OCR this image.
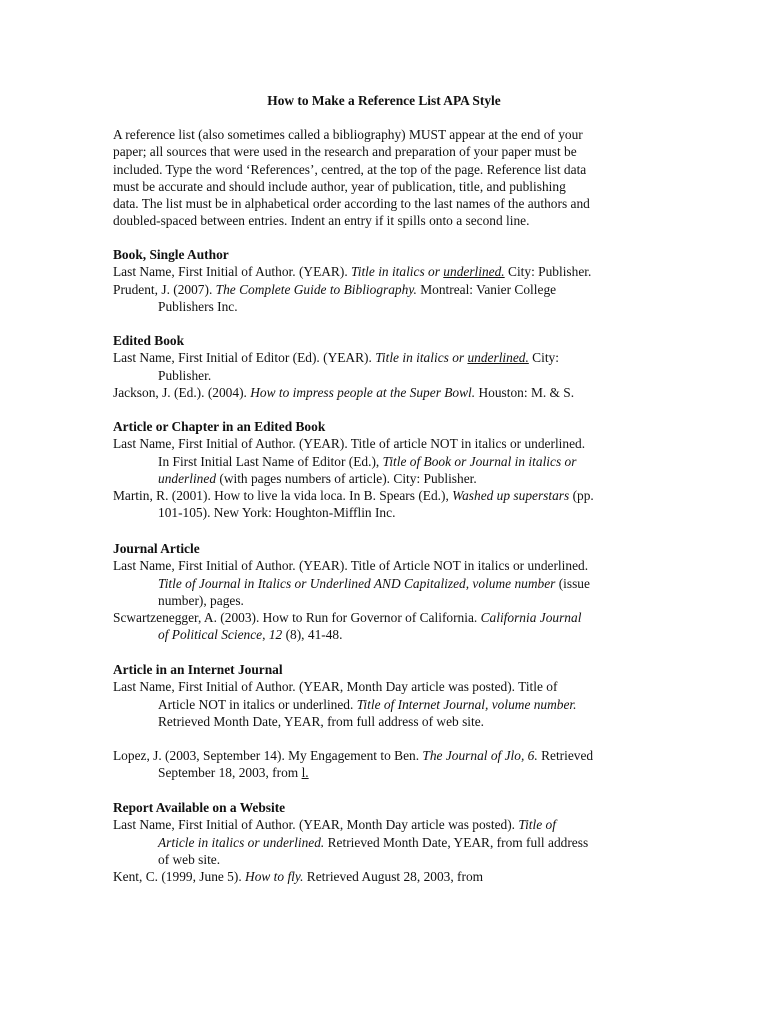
How to Make a Reference List APA Style
A reference list (also sometimes called a bibliography) MUST appear at the end of your
paper; all sources that were used in the research and preparation of your paper must be
included. Type the word ‘References’, centred, at the top of the page. Reference list data
must be accurate and should include author, year of publication, title, and publishing
data. The list must be in alphabetical order according to the last names of the authors and
doubled-spaced between entries. Indent an entry if it spills onto a second line.
Book, Single Author
Last Name, First Initial of Author. (YEAR). Title in italics or underlined. City: Publisher.
Prudent, J. (2007). The Complete Guide to Bibliography. Montreal: Vanier College
Publishers Inc.
Edited Book
Last Name, First Initial of Editor (Ed). (YEAR). Title in italics or underlined. City:
Publisher.
Jackson, J. (Ed.). (2004). How to impress people at the Super Bowl. Houston: M. & S.
Article or Chapter in an Edited Book
Last Name, First Initial of Author. (YEAR). Title of article NOT in italics or underlined.
In First Initial Last Name of Editor (Ed.), Title of Book or Journal in italics or
underlined (with pages numbers of article). City: Publisher.
Martin, R. (2001). How to live la vida loca. In B. Spears (Ed.), Washed up superstars (pp.
101-105). New York: Houghton-Mifflin Inc.
Journal Article
Last Name, First Initial of Author. (YEAR). Title of Article NOT in italics or underlined.
Title of Journal in Italics or Underlined AND Capitalized, volume number (issue
number), pages.
Scwartzenegger, A. (2003). How to Run for Governor of California. California Journal
of Political Science, 12 (8), 41-48.
Article in an Internet Journal
Last Name, First Initial of Author. (YEAR, Month Day article was posted). Title of
Article NOT in italics or underlined. Title of Internet Journal, volume number.
Retrieved Month Date, YEAR, from full address of web site.
Lopez, J. (2003, September 14). My Engagement to Ben. The Journal of Jlo, 6. Retrieved
September 18, 2003, from l.
Report Available on a Website
Last Name, First Initial of Author. (YEAR, Month Day article was posted). Title of
Article in italics or underlined. Retrieved Month Date, YEAR, from full address
of web site.
Kent, C. (1999, June 5). How to fly. Retrieved August 28, 2003, from
